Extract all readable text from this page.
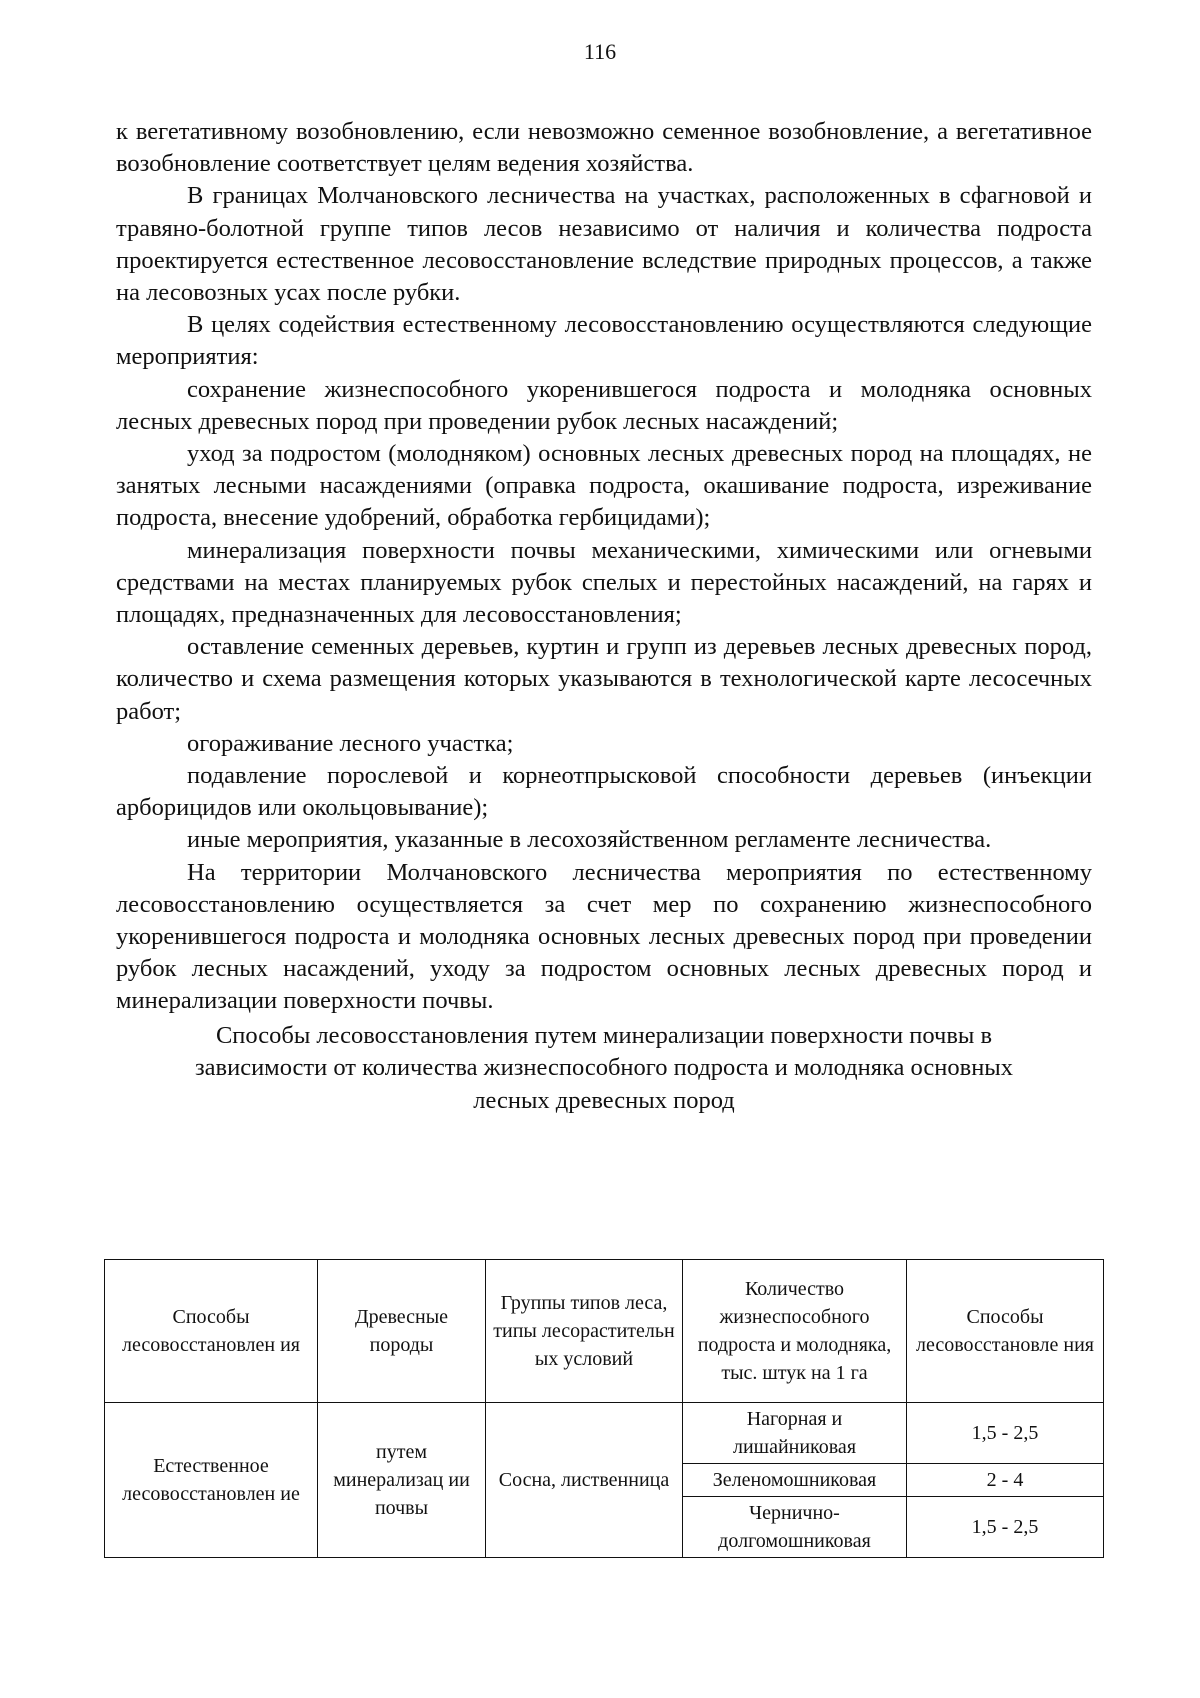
116

к вегетативному возобновлению, если невозможно семенное возобновление, а вегетативное возобновление соответствует целям ведения хозяйства.

В границах Молчановского лесничества на участках, расположенных в сфагновой и травяно-болотной группе типов лесов независимо от наличия и количества подроста проектируется естественное лесовосстановление вследствие природных процессов, а также на лесовозных усах после рубки.

В целях содействия естественному лесовосстановлению осуществляются следующие мероприятия:

сохранение жизнеспособного укоренившегося подроста и молодняка основных лесных древесных пород при проведении рубок лесных насаждений;

уход за подростом (молодняком) основных лесных древесных пород на площадях, не занятых лесными насаждениями (оправка подроста, окашивание подроста, изреживание подроста, внесение удобрений, обработка гербицидами);

минерализация поверхности почвы механическими, химическими или огневыми средствами на местах планируемых рубок спелых и перестойных насаждений, на гарях и площадях, предназначенных для лесовосстановления;

оставление семенных деревьев, куртин и групп из деревьев лесных древесных пород, количество и схема размещения которых указываются в технологической карте лесосечных работ;

огораживание лесного участка;

подавление порослевой и корнеотпрысковой способности деревьев (инъекции арборицидов или окольцовывание);

иные мероприятия, указанные в лесохозяйственном регламенте лесничества.

На территории Молчановского лесничества мероприятия по естественному лесовосстановлению осуществляется за счет мер по сохранению жизнеспособного укоренившегося подроста и молодняка основных лесных древесных пород при проведении рубок лесных насаждений, уходу за подростом основных лесных древесных пород и минерализации поверхности почвы.

Способы лесовосстановления путем минерализации поверхности почвы в
зависимости от количества жизнеспособного подроста и молодняка основных
лесных древесных пород
Способы лесовосстановлен ия	Древесные породы	Группы типов леса, типы лесорастительн ых условий	Количество жизнеспособного подроста и молодняка, тыс. штук на 1 га	Способы лесовосстановле ния
Естественное лесовосстановлен ие	путем минерализац ии почвы	Сосна, лиственница	Нагорная и лишайниковая	1,5 - 2,5
			Зеленомошниковая	2 - 4
			Чернично-долгомошниковая	1,5 - 2,5
